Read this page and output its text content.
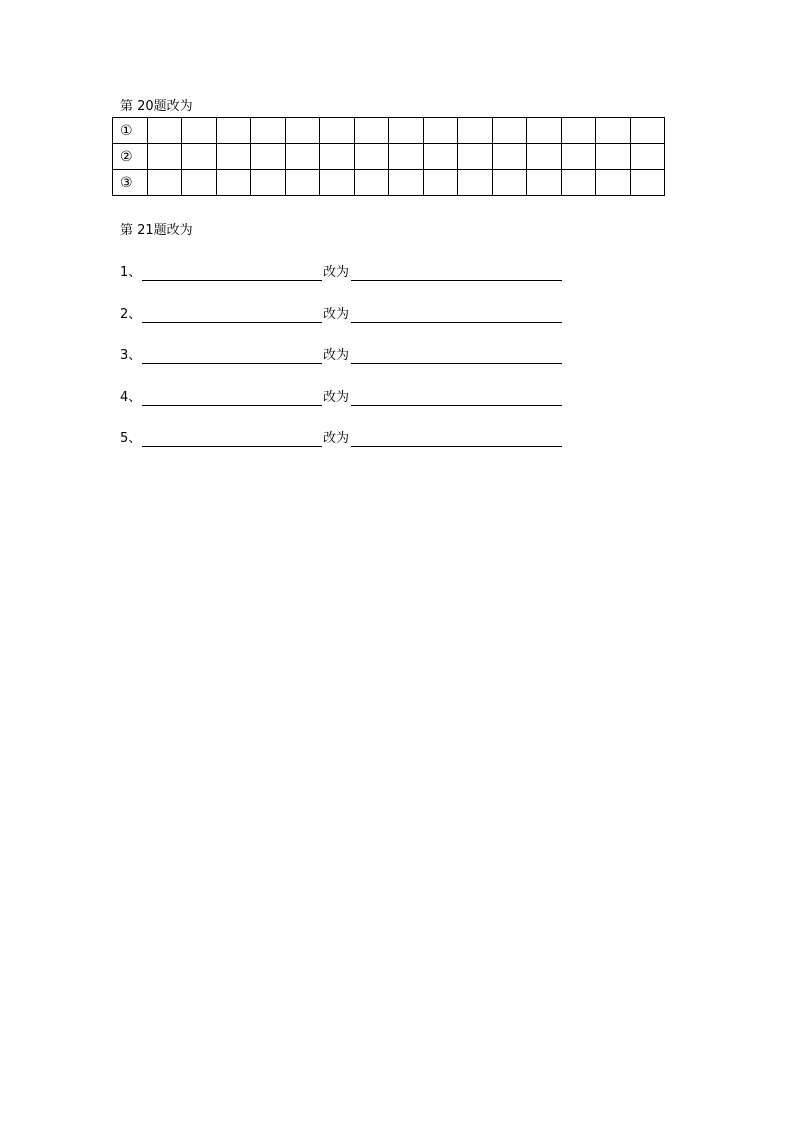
第 20题改为
①															
②															
③															
第 21题改为
1、	改为
2、	改为
3、	改为
4、	改为
5、	改为
